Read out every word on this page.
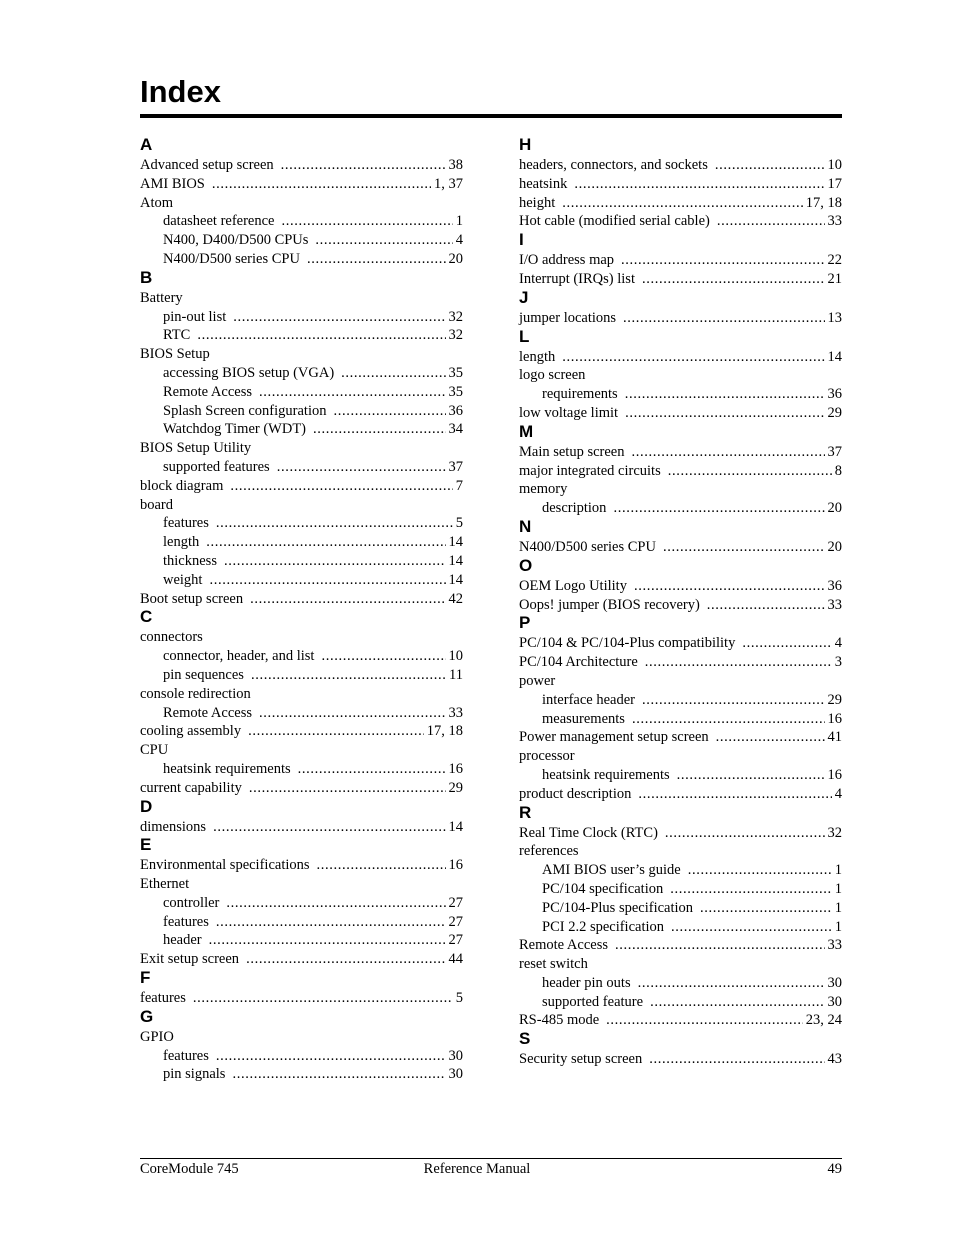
Index
A
Advanced setup screen . . .	38
AMI BIOS . . .	1, 37
Atom
datasheet reference . . .	1
N400, D400/D500 CPUs . . .	4
N400/D500 series CPU . . .	20
B
Battery
pin-out list . . .	32
RTC . . .	32
BIOS Setup
accessing BIOS setup (VGA) . . .	35
Remote Access . . .	35
Splash Screen configuration . . .	36
Watchdog Timer (WDT) . . .	34
BIOS Setup Utility
supported features . . .	37
block diagram . . .	7
board
features . . .	5
length . . .	14
thickness . . .	14
weight . . .	14
Boot setup screen . . .	42
C
connectors
connector, header, and list . . .	10
pin sequences . . .	11
console redirection
Remote Access . . .	33
cooling assembly . . .	17, 18
CPU
heatsink requirements . . .	16
current capability . . .	29
D
dimensions . . .	14
E
Environmental specifications . . .	16
Ethernet
controller . . .	27
features . . .	27
header . . .	27
Exit setup screen . . .	44
F
features . . .	5
G
GPIO
features . . .	30
pin signals . . .	30
H
headers, connectors, and sockets . . .	10
heatsink . . .	17
height . . .	17, 18
Hot cable (modified serial cable) . . .	33
I
I/O address map . . .	22
Interrupt (IRQs) list . . .	21
J
jumper locations . . .	13
L
length . . .	14
logo screen
requirements . . .	36
low voltage limit . . .	29
M
Main setup screen . . .	37
major integrated circuits . . .	8
memory
description . . .	20
N
N400/D500 series CPU . . .	20
O
OEM Logo Utility . . .	36
Oops! jumper (BIOS recovery) . . .	33
P
PC/104 & PC/104-Plus compatibility . . .	4
PC/104 Architecture . . .	3
power
interface header . . .	29
measurements . . .	16
Power management setup screen . . .	41
processor
heatsink requirements . . .	16
product description . . .	4
R
Real Time Clock (RTC) . . .	32
references
AMI BIOS user’s guide . . .	1
PC/104 specification . . .	1
PC/104-Plus specification . . .	1
PCI 2.2 specification . . .	1
Remote Access . . .	33
reset switch
header pin outs . . .	30
supported feature . . .	30
RS-485 mode . . .	23, 24
S
Security setup screen . . .	43
CoreModule 745	Reference Manual	49
